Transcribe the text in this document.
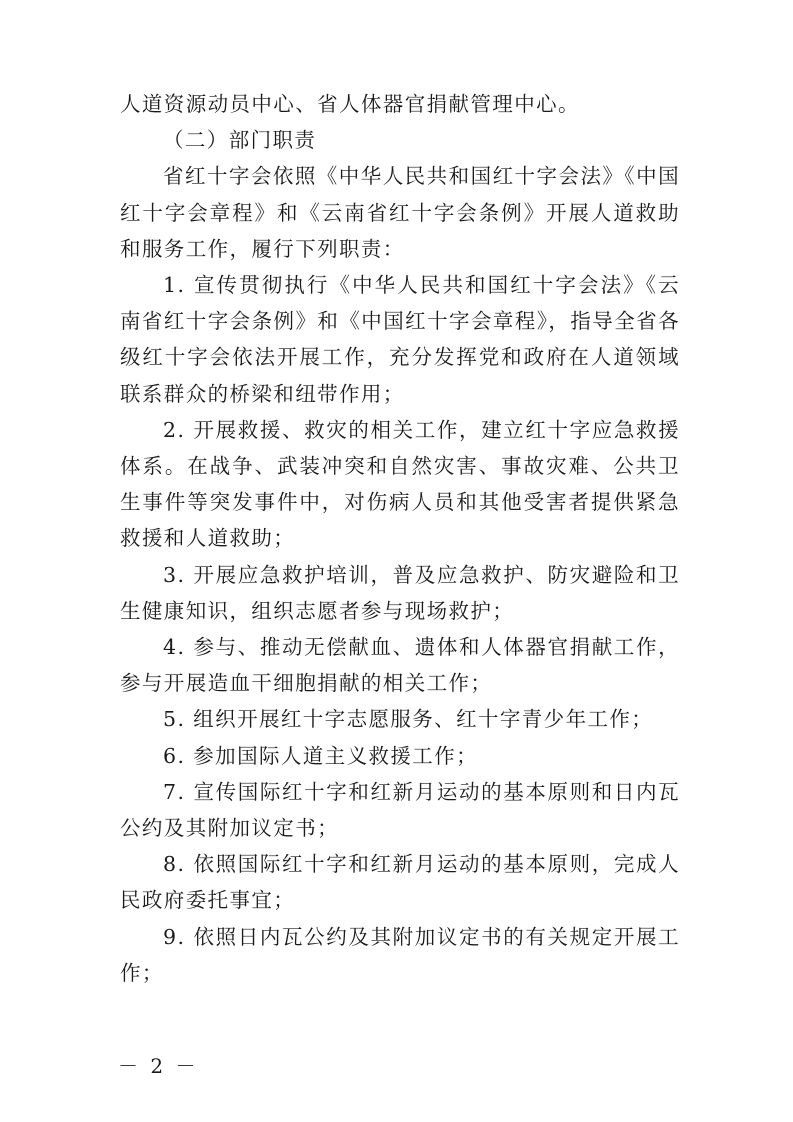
人道资源动员中心、省人体器官捐献管理中心。

（二）部门职责

省红十字会依照《中华人民共和国红十字会法》《中国红十字会章程》和《云南省红十字会条例》开展人道救助和服务工作，履行下列职责：

1. 宣传贯彻执行《中华人民共和国红十字会法》《云南省红十字会条例》和《中国红十字会章程》，指导全省各级红十字会依法开展工作，充分发挥党和政府在人道领域联系群众的桥梁和纽带作用；

2. 开展救援、救灾的相关工作，建立红十字应急救援体系。在战争、武装冲突和自然灾害、事故灾难、公共卫生事件等突发事件中，对伤病人员和其他受害者提供紧急救援和人道救助；

3. 开展应急救护培训，普及应急救护、防灾避险和卫生健康知识，组织志愿者参与现场救护；

4. 参与、推动无偿献血、遗体和人体器官捐献工作，参与开展造血干细胞捐献的相关工作；

5. 组织开展红十字志愿服务、红十字青少年工作；

6. 参加国际人道主义救援工作；

7. 宣传国际红十字和红新月运动的基本原则和日内瓦公约及其附加议定书；

8. 依照国际红十字和红新月运动的基本原则，完成人民政府委托事宜；

9. 依照日内瓦公约及其附加议定书的有关规定开展工作；

－ 2 －
